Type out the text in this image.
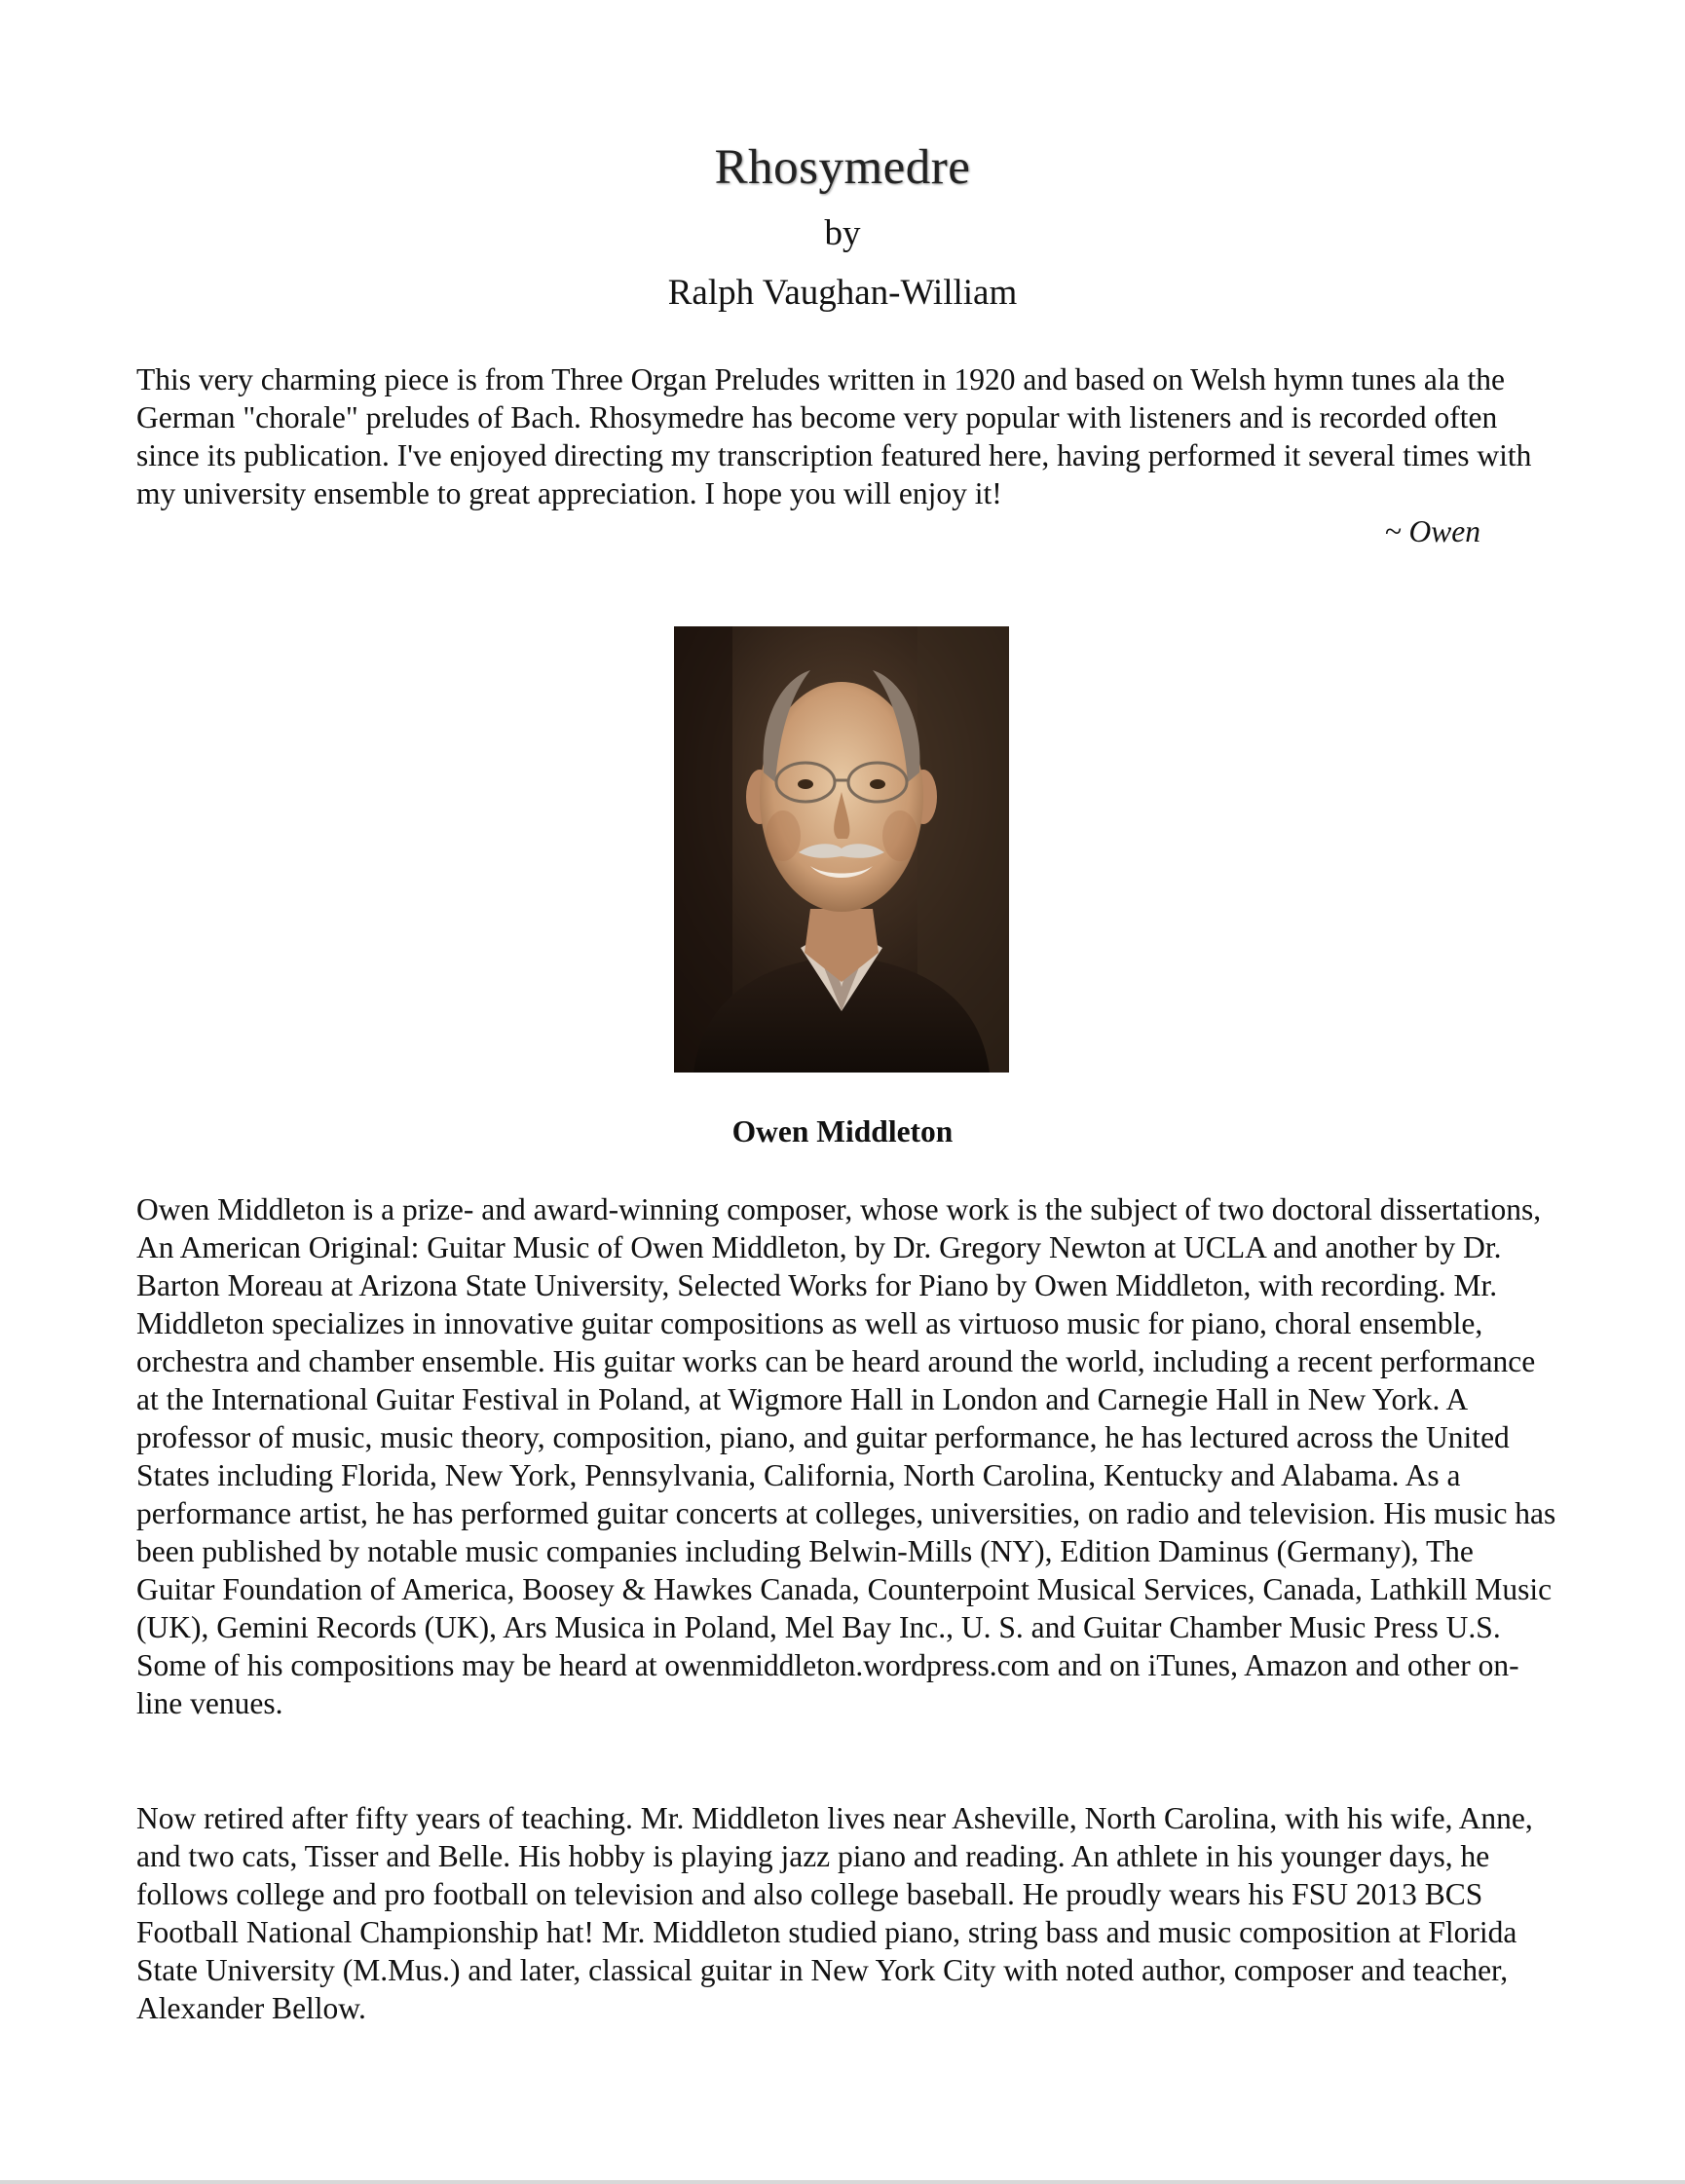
Rhosymedre
by
Ralph Vaughan-William

This very charming piece is from Three Organ Preludes written in 1920 and based on Welsh hymn tunes ala the German "chorale" preludes of Bach. Rhosymedre has become very popular with listeners and is recorded often since its publication. I've enjoyed directing my transcription featured here, having performed it several times with my university ensemble to great appreciation. I hope you will enjoy it!

~ Owen
Owen Middleton

Owen Middleton is a prize- and award-winning composer, whose work is the subject of two doctoral dissertations, An American Original: Guitar Music of Owen Middleton, by Dr. Gregory Newton at UCLA and another by Dr. Barton Moreau at Arizona State University, Selected Works for Piano by Owen Middleton, with recording. Mr. Middleton specializes in innovative guitar compositions as well as virtuoso music for piano, choral ensemble, orchestra and chamber ensemble. His guitar works can be heard around the world, including a recent performance at the International Guitar Festival in Poland, at Wigmore Hall in London and Carnegie Hall in New York. A professor of music, music theory, composition, piano, and guitar performance, he has lectured across the United States including Florida, New York, Pennsylvania, California, North Carolina, Kentucky and Alabama. As a performance artist, he has performed guitar concerts at colleges, universities, on radio and television. His music has been published by notable music companies including Belwin-Mills (NY), Edition Daminus (Germany), The Guitar Foundation of America, Boosey & Hawkes Canada, Counterpoint Musical Services, Canada, Lathkill Music (UK), Gemini Records (UK), Ars Musica in Poland, Mel Bay Inc., U. S. and Guitar Chamber Music Press U.S. Some of his compositions may be heard at owenmiddleton.wordpress.com and on iTunes, Amazon and other on-line venues.

Now retired after fifty years of teaching. Mr. Middleton lives near Asheville, North Carolina, with his wife, Anne, and two cats, Tisser and Belle. His hobby is playing jazz piano and reading. An athlete in his younger days, he follows college and pro football on television and also college baseball. He proudly wears his FSU 2013 BCS Football National Championship hat! Mr. Middleton studied piano, string bass and music composition at Florida State University (M.Mus.) and later, classical guitar in New York City with noted author, composer and teacher, Alexander Bellow.
